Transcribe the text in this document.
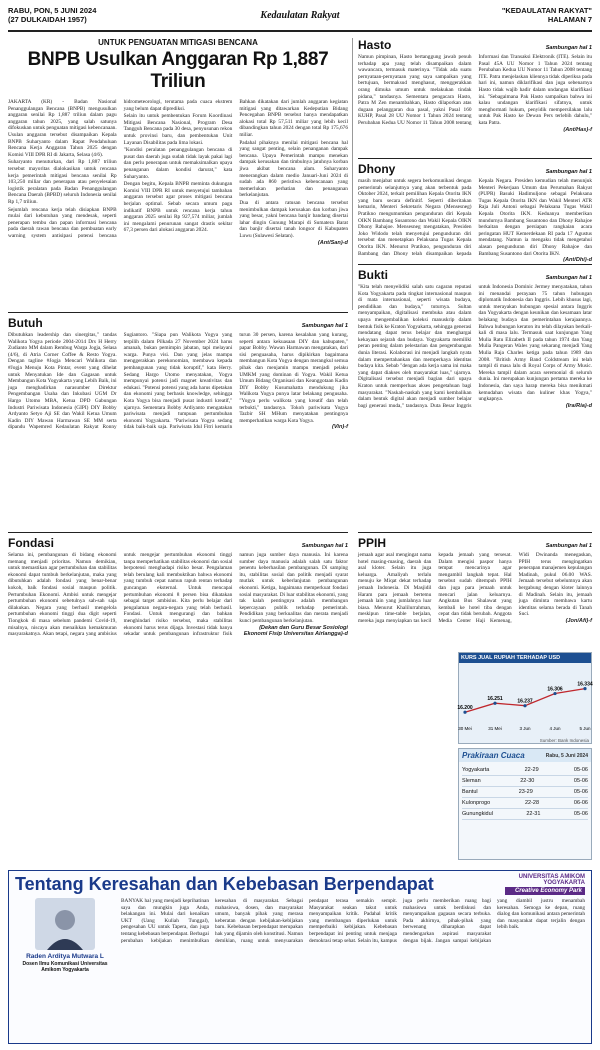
RABU, PON, 5 JUNI 2024
(27 DULKAIDAH 1957)	Kedaulatan Rakyat	"KEDAULATAN RAKYAT"
HALAMAN 7
UNTUK PENGUATAN MITIGASI BENCANA
BNPB Usulkan Anggaran Rp 1,887 Triliun

JAKARTA (KR) - Badan Nasional Penanggulangan Bencana (BNPB) mengusulkan anggaran senilai Rp 1,887 triliun dalam pagu anggaran tahun 2025, yang salah satunya difokuskan untuk penguatan mitigasi kebencanaan. Usulan anggaran tersebut disampaikan Kepala BNPB Suharyanto dalam Rapat Pendahuluan Rencana Kerja Anggaran Tahun 2025 dengan Komisi VIII DPR RI di Jakarta, Selasa (4/6).

Suharyanto menuturkan, dari Rp 1,887 triliun tersebut mayoritas dialokasikan untuk rencana kerja pemerintah mitigasi bencana senilai Rp 103,250 miliar dan penerapan atau penyelesaian logistik peralatan pada Badan Penanggulangan Bencana Daerah (BPBD) seluruh Indonesia senilai Rp 1,7 triliun.

Sejumlah rencana kerja telah disiapkan BNPB mulai dari kebutuhan yang mendesak, seperti penerapan tembu dan papan informasi bencana pada daerah rawan bencana dan pembuatan early warning system antisipasi potensi bencana hidrometeorologi, terutama pada cuaca ekstrem yang belum dapat diprediksi.

Selain itu untuk pembentukan Forum Koordinasi Mitigasi Bencana Nasional, Program Desa Tangguh Bencana pada 30 desa, penyusunan rekon untuk provinsi baru, dan pembentukan Unit Layanan Disabilitas pada lima lokasi.

"Kondisi peralatan penanggulangan bencana di pusat dan daerah juga sudah tidak layak pakai lagi dan perlu penerapan untuk memaksimalkan upaya penanganan dalam kondisi darurat," kata Suharyanto.

Dengan begitu, Kepala BNPB meminta dukungan Komisi VIII DPR RI untuk menyetujui tambahan anggaran tersebut agar proses mitigasi bencana berjalan optimal. Sebab secara umum pagu indikatif BNPB untuk rencana kerja tahun anggaran 2025 senilai Rp 927,574 miliar, jumlah ini mengalami penurunan sangat drastis sekitar 67,3 persen dari alokasi anggaran 2024.

Bahkan dikatakan dari jumlah anggaran kegiatan mitigasi yang ditawarkan Kedeputian Bidang Pencegahan BNPB tersebut hanya mendapatkan alokasi total Rp 57,511 miliar yang lebih kecil dibandingkan tahun 2024 dengan total Rp 175,676 miliar.

Padahal pihaknya menilai mitigasi bencana hal yang sangat penting, selain penanganan dampak bencana. Upaya Pemerintah mampu menekan dampak kerusakan dan timbulnya jatuhnya korban jiwa akibat bencana alam. Suharyanto menerangkan dalam medio Januari-Juni 2024 di sudah ada 860 peristiwa kebencanaan yang memerlukan perhatian dan penanganan berkelanjutan.

Dua di antara ratusan bencana tersebut menimbulkan dampak kerusakan dan korban jiwa yang besar, yakni bencana banjir bandang disertai lahar dingin Gunung Marapi di Sumatera Barat dan banjir disertai tanah longsor di Kabupaten Luwu (Sulawesi Selatan).

(Ant/San)-d

Hasto	Sambungan hal 1
Namun pimpinan, Hasto bertanggung jawab penuh terhadap apa yang telah disampaikan dalam wawancara, termasuk materinya. "Tidak ada suatu pernyataan-pernyataan yang saya sampaikan yang bertujuan, bermaksud menghasut, menggerakkan orang dimuka umum untuk melakukan tindak pidana," tandasnya. Sementara pengacara Hasto, Patra M Zen menambahkan, Hasto dilaporkan atas dugaan pelanggaran dua pasal, yakni Pasal 160 KUHP, Pasal 28 UU Nomor 1 Tahun 2024 tentang Perubahan Kedua UU Nomor 11 Tahun 2008 tentang Informasi dan Transaksi Elektronik (ITE). Selain itu Pasal 45A UU Nomor 1 Tahun 2024 tentang Perubahan Kedua UU Nomor 11 Tahun 2008 tentang ITE. Patra menjelaskan kliennya tidak diperiksa pada hari ini, namun diklarifikasi dan juga sebenarnya Hasto tidak wajib hadir dalam undangan klarifikasi ini. "Sebagaimana Pak Hasto sampaikan bahwa ini kalau undangan klarifikasi sifatnya, untuk menghormati hukum, penyidik mempersilakan lalu untuk Pak Hasto ke Dewan Pers terlebih dahulu," kata Patra.
(Ant/Has)-f
Dhony	Sambungan hal 1
masih menjabat untuk segera berkomunikasi dengan pemerintah selanjutnya yang akan terbentuk pada Oktober 2024, terkait pemilihan Kepala Otorita IKN yang baru secara definitif. Seperti diberitakan kemarin, Menteri Sekretaris Negara (Mensesneg) Pratikno mengumumkan pengunduran diri Kepala OIKN Bambang Susantono dan Wakil Kepala OIKN Dhony Rahajoe. Mensesneg mengatakan, Presiden Joko Widodo telah menyetujui pengunduran diri tersebut dan menetapkan Pelaksana Tugas Kepala Otorita IKN. Menurut Pratikno, pengunduran diri Bambang dan Dhony telah disampaikan kepada Kepala Negara. Presiden kemudian telah menunjuk Menteri Pekerjaan Umum dan Perumahan Rakyat (PUPR) Basuki Hadimuljono sebagai Pelaksana Tugas Kepala Otorita IKN dan Wakil Menteri ATR Raja Juli Antoni sebagai Pelaksana Tugas Wakil Kepala Otorita IKN. Keduanya memberikan mundurnya Bambang Susantono dan Dhony Rahajoe berkaitan dengan persiapan rangkaian acara peringatan HUT Kemerdekaan RI pada 17 Agustus mendatang. Namun ia mengaku tidak mengetahui alasan pengunduran diri Dhony Rahajoe dan Bambang Susantono dari Otorita IKN.
(Ant/Dhi)-d
Bukti	Sambungan hal 1
"Kita telah menyelidiki salah satu cagaran reputasi Kota Yogyakarta pada tingkat internasional maupun di mata internasional, seperti wisata budaya, pendidikan dan budaya," tuturnya. Sultan menyampaikan, digitalisasi membuka atau dalam upaya mengembalikan koleksi manuskrip dalam bentuk fisik ke Kraton Yogyakarta, sehingga generasi mendatang dapat terus belajar dan menghargai kekayaan sejarah dan budaya. Yogyakarta memiliki peran penting dalam pelestarian dan pengembangan dunia literasi. Kolaborasi ini menjadi langkah nyata dalam mempertahankan dan memperkaya identitas budaya kita. Sebab "dengan ada kerja sama ini maka yang dapat diakses oleh masyarakat luas," ujarnya. Digitalisasi tersebut menjadi bagian dari upaya Kraton untuk memperluas akses pengetahuan bagi masyarakat. "Naskah-naskah yang kami kembalikan dalam bentuk digital akan menjadi sumber belajar bagi generasi muda," tandasnya. Duta Besar Inggris untuk Indonesia Dominic Jermey menyatakan, tahun ini menandai perayaan 75 tahun hubungan diplomatik Indonesia dan Inggris. Lebih khusus lagi, untuk merayakan hubungan spesial antara Inggris dan Yogyakarta dengan keunikan dan kesamaan latar belakang budaya dan pemerintahan kerajaannya. Bahwa hubungan keraton itu telah dilayakan berkali-kali di masa lalu. Termasuk saat kunjungan Yang Mulia Ratu Elizabeth II pada tahun 1974 dan Yang Mulia Pangeran Wales yang sekarang menjadi Yang Mulia Raja Charles ketiga pada tahun 1989 dan 2008. "British Army Band Coldstream ini telah tampil di masa lalu di Royal Corps of Army Music. Mereka tampil dalam acara seremonial di seluruh dunia. Ini merupakan kunjungan pertama mereka ke Indonesia, dan saya harap mereka bisa menikmati kemudahan wisata dan kuliner khas Yogya," ungkapnya.
(Ira/Ria)-d
Butuh	Sambungan hal 1
Dibutuhkan leadership dan sinergitas," tandas Walikota Yogya periode 2004-2014 Drs H Herry Zudianto MM dalam Rembug Warga Jogja, Selasa (4/6), di Atria Corner Coffee & Resto Yogya. Dengan tagline #Jogja Mencari Walikota dan #Jogja Menuju Kota Pintar, event yang dihelat untuk Menyatukan Ide dan Gagasan untuk Membangun Kota Yogyakarta yang Lebih Baik, ini juga menghadirkan narasumber Direktur Pengembangan Usaha dan Inkubasi UGM Dr Hargo Utomo MBA, Ketua DPD Gabungan Industri Pariwisata Indonesia (GIPI) DIY Bobby Ardyanto Setyo Aji SE dan Wakil Ketua Umum Kadin DIY Mawan Harmawan SE MM serta dipandu Wapemred Kedaulatan Rakyat Ronny Sugiantoro. "Siapa pun Walikota Yogya yang terpilih dalam Pilkada 27 November 2024 harus amanah, bukan pemimpin jabatan, tapi melayani warga. Punya visi. Dan yang jelas mampu menggerakkan perekonomian, membawa kepada pembangunan yang tidak koruptif," kata Herry. Sedang Hargo Utomo menyatakan, Yogya mempunyai potensi jadi magnet kreativitas dan edukasi. "Potensi potensi yang ada harus dipetakan dan ekonomi yang berbasis knowledge, sehingga Kota Yogya bisa menjadi pusat industri kreatif," ujarnya. Sementara Bobby Ardiyanto mengatakan pariwisata menjadi tumpuan pertumbuhan ekonomi Yogyakarta. "Pariwisata Yogya sedang tidak baik-baik saja. Pariwisata Idul Fitri kemarin turun 30 persen, karena kesalahan yang kurang, seperti antara kekuasaan DIY dan kabupaten," papar Bobby. Wawan Harmawan mengatakan, dari sisi penguasaha, harus dipikirkan bagaimana membangun Kota Yogya dengan merangkul semua pihak dan menjamin mampu menjadi pelaku UMKM yang dominan di Yogya. Wakil Ketua Umum Bidang Organisasi dan Keanggotaan Kadin DIY Bobby Kusumahatta mendukung jika Walikota Yogya punya latar belakang pengusaha. "Yogya perlu walikota yang kreatif dan telah terbukti," tandasnya. Tokoh pariwisata Yogya Tazbir SH MHum menyatakan pentingnya memperhatikan warga Kota Yogya.
(Vin)-f
PPIH	Sambungan hal 1
jemaah agar asal mengingat nama hotel masing-masing, daerah dan asal kloter. Selain itu juga keluarga. Amaliyah terlalu menuju ke Miqat dekat terhadap jemaah Indonesia. Di Masjidil Haram para jemaah bertemu jemaah lain yang jumlahnya luar biasa. Menurut Khalilurrahman, meskipun time-table berjalan, mereka juga menyiapkan tas kecil kepada jemaah yang tersesat. Dalam mengisi paspor hanya tempat mencarinya agar mengambil langkah tepat. Hal tersebut sudah ditempuh PPIH dan juga para jemaah untuk mencari jalan keluarnya. Angkutan Bus Shalawat yang kembali ke hotel tiba dengan cepat dan tidak berubah. Anggota Media Center Haji Kemenag, Widi Dwinanda menegaskan, PPIH terus mengingatkan penerapan manajemen kepulangan Madinah, pukul 06.00 WAS. Jemaah tersebut sebelumnya akan bergabung dengan kloter lainnya di Madinah. Selain itu, jemaah juga diminta membawa kartu identitas selama berada di Tanah Suci.
(Jon/Afi)-f
Fondasi	Sambungan hal 1
Selama ini, pembangunan di bidang ekonomi memang menjadi prioritas. Namun demikian, untuk memastikan agar pertumbuhan dan stabilitas ekonomi dapat tumbuh berkelanjutan, maka yang dibutuhkan adalah fondasi yang benar-benar kokoh, baik fondasi sosial maupun politik. Pertumbuhan Ekonomi. Ambisi untuk mengejar pertumbuhan ekonomi sebetulnya sah-sah saja dilakukan. Negara yang berhasil mengelola pertumbuhan ekonomi tinggi dua digit seperti Tiongkok di masa sebelum pandemi Covid-19, misalnya, niscaya akan menaikkan kemakmuran masyarakatnya. Akan tetapi, negara yang ambisius untuk mengejar pertumbuhan ekonomi tinggi tanpa memperhatikan stabilitas ekonomi dan sosial berpotensi menghadapi risiko besar. Pengalaman telah berulang kali membuktikan bahwa ekonomi yang tumbuh cepat namun rapuh rentan terhadap guncangan eksternal. Untuk mencapai pertumbuhan ekonomi 8 persen bisa dikatakan sebagai target ambisius. Kita perlu belajar dari pengalaman negara-negara yang telah berhasil. Fondasi. Untuk mengurangi dan bahkan menghindari risiko tersebut, maka stabilitas ekonomi harus terus dijaga. Investasi tidak hanya sekadar untuk pembangunan infrastruktur fisik namun juga sumber daya manusia. Ini karena sumber daya manusia adalah salah satu faktor penentu keberhasilan pembangunan. Di samping itu, stabilitas sosial dan politik menjadi syarat mutlak untuk keberlanjutan pembangunan ekonomi. Ketiga, bagaimana memperkuat fondasi sosial masyarakat. Di luar stabilitas ekonomi, yang tak kalah pentingnya adalah membangun kepercayaan publik terhadap pemerintah. Pendidikan yang berkualitas dan merata menjadi kunci pembangunan berkelanjutan.
(Dekan dan Guru Besar Sosiologi Ekonomi Fisip Universitas Airlangga)-d
KURS JUAL RUPIAH TERHADAP USD
16.200
30 Mei
16.251
31 Mei
16.237
3 Jun
16.306
4 Jun
16.334
5 Jun
Sumber: Bank Indonesia
Prakiraan Cuaca	Rabu, 5 Juni 2024
Yogyakarta	22-29	05-06
Sleman	22-30	05-06
Bantul	23-29	05-06
Kulonprogo	22-28	06-06
Gunungkidul	22-31	05-06
Tentang Keresahan dan Kebebasan Berpendapat	UNIVERSITAS AMIKOM YOGYAKARTA
Creative Economy Park
Raden Arditya Mutwara L
Dosen Ilmu Komunikasi Universitas Amikom Yogyakarta
BANYAK hal yang menjadi keprihatinan saya dan mungkin juga Anda, belakangan ini. Mulai dari kenaikan UKT (Uang Kuliah Tunggal), pengesahan UU untuk Tapera, dan juga tentang kebebasan berpendapat. Berbagai perubahan kebijakan menimbulkan keresahan di masyarakat. Sebagai mahasiswa, dosen, dan masyarakat umum, banyak pihak yang merasa keberatan dengan kebijakan-kebijakan baru. Kebebasan berpendapat merupakan hak yang dijamin oleh konstitusi. Namun demikian, ruang untuk menyuarakan pendapat terasa semakin sempit. Masyarakat seakan takut untuk menyampaikan kritik. Padahal kritik yang membangun diperlukan untuk memperbaiki kebijakan. Kebebasan berpendapat ini penting untuk menjaga demokrasi tetap sehat. Selain itu, kampus juga perlu memberikan ruang bagi mahasiswa untuk berdiskusi dan menyampaikan gagasan secara terbuka. Pada akhirnya, pihak-pihak yang berwenang diharapkan dapat mendengarkan aspirasi masyarakat dengan bijak. Jangan sampai kebijakan yang diambil justru menambah keresahan. Semoga ke depan, ruang dialog dan komunikasi antara pemerintah dan masyarakat dapat terjalin dengan lebih baik.
